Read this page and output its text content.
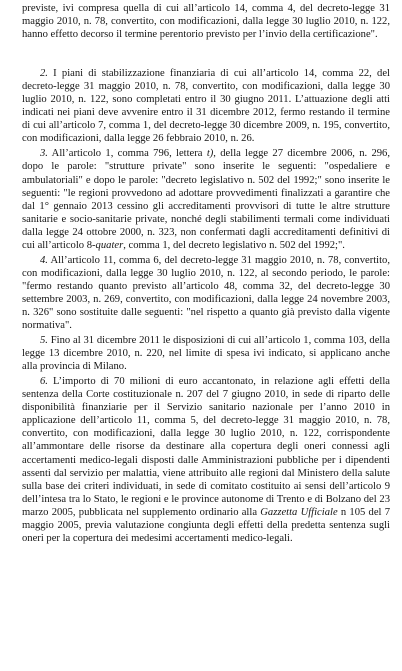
previste, ivi compresa quella di cui all’articolo 14, comma 4, del decreto-legge 31 maggio 2010, n. 78, convertito, con modificazioni, dalla legge 30 luglio 2010, n. 122, hanno effetto decorso il termine perentorio previsto per l’invio della certificazione".

2. I piani di stabilizzazione finanziaria di cui all’articolo 14, comma 22, del decreto-legge 31 maggio 2010, n. 78, convertito, con modificazioni, dalla legge 30 luglio 2010, n. 122, sono completati entro il 30 giugno 2011. L’attuazione degli atti indicati nei piani deve avvenire entro il 31 dicembre 2012, fermo restando il termine di cui all’articolo 7, comma 1, del decreto-legge 30 dicembre 2009, n. 195, convertito, con modificazioni, dalla legge 26 febbraio 2010, n. 26.

3. All’articolo 1, comma 796, lettera t), della legge 27 dicembre 2006, n. 296, dopo le parole: "strutture private" sono inserite le seguenti: "ospedaliere e ambulatoriali" e dopo le parole: "decreto legislativo n. 502 del 1992;" sono inserite le seguenti: "le regioni provvedono ad adottare provvedimenti finalizzati a garantire che dal 1° gennaio 2013 cessino gli accreditamenti provvisori di tutte le altre strutture sanitarie e socio-sanitarie private, nonché degli stabilimenti termali come individuati dalla legge 24 ottobre 2000, n. 323, non confermati dagli accreditamenti definitivi di cui all’articolo 8-quater, comma 1, del decreto legislativo n. 502 del 1992;".

4. All’articolo 11, comma 6, del decreto-legge 31 maggio 2010, n. 78, convertito, con modificazioni, dalla legge 30 luglio 2010, n. 122, al secondo periodo, le parole: "fermo restando quanto previsto all’articolo 48, comma 32, del decreto-legge 30 settembre 2003, n. 269, convertito, con modificazioni, dalla legge 24 novembre 2003, n. 326" sono sostituite dalle seguenti: "nel rispetto a quanto già previsto dalla vigente normativa".

5. Fino al 31 dicembre 2011 le disposizioni di cui all’articolo 1, comma 103, della legge 13 dicembre 2010, n. 220, nel limite di spesa ivi indicato, si applicano anche alla provincia di Milano.

6. L’importo di 70 milioni di euro accantonato, in relazione agli effetti della sentenza della Corte costituzionale n. 207 del 7 giugno 2010, in sede di riparto delle disponibilità finanziarie per il Servizio sanitario nazionale per l’anno 2010 in applicazione dell’articolo 11, comma 5, del decreto-legge 31 maggio 2010, n. 78, convertito, con modificazioni, dalla legge 30 luglio 2010, n. 122, corrispondente all’ammontare delle risorse da destinare alla copertura degli oneri connessi agli accertamenti medico-legali disposti dalle Amministrazioni pubbliche per i dipendenti assenti dal servizio per malattia, viene attribuito alle regioni dal Ministero della salute sulla base dei criteri individuati, in sede di comitato costituito ai sensi dell’articolo 9 dell’intesa tra lo Stato, le regioni e le province autonome di Trento e di Bolzano del 23 marzo 2005, pubblicata nel supplemento ordinario alla Gazzetta Ufficiale n 105 del 7 maggio 2005, previa valutazione congiunta degli effetti della predetta sentenza sugli oneri per la copertura dei medesimi accertamenti medico-legali.
